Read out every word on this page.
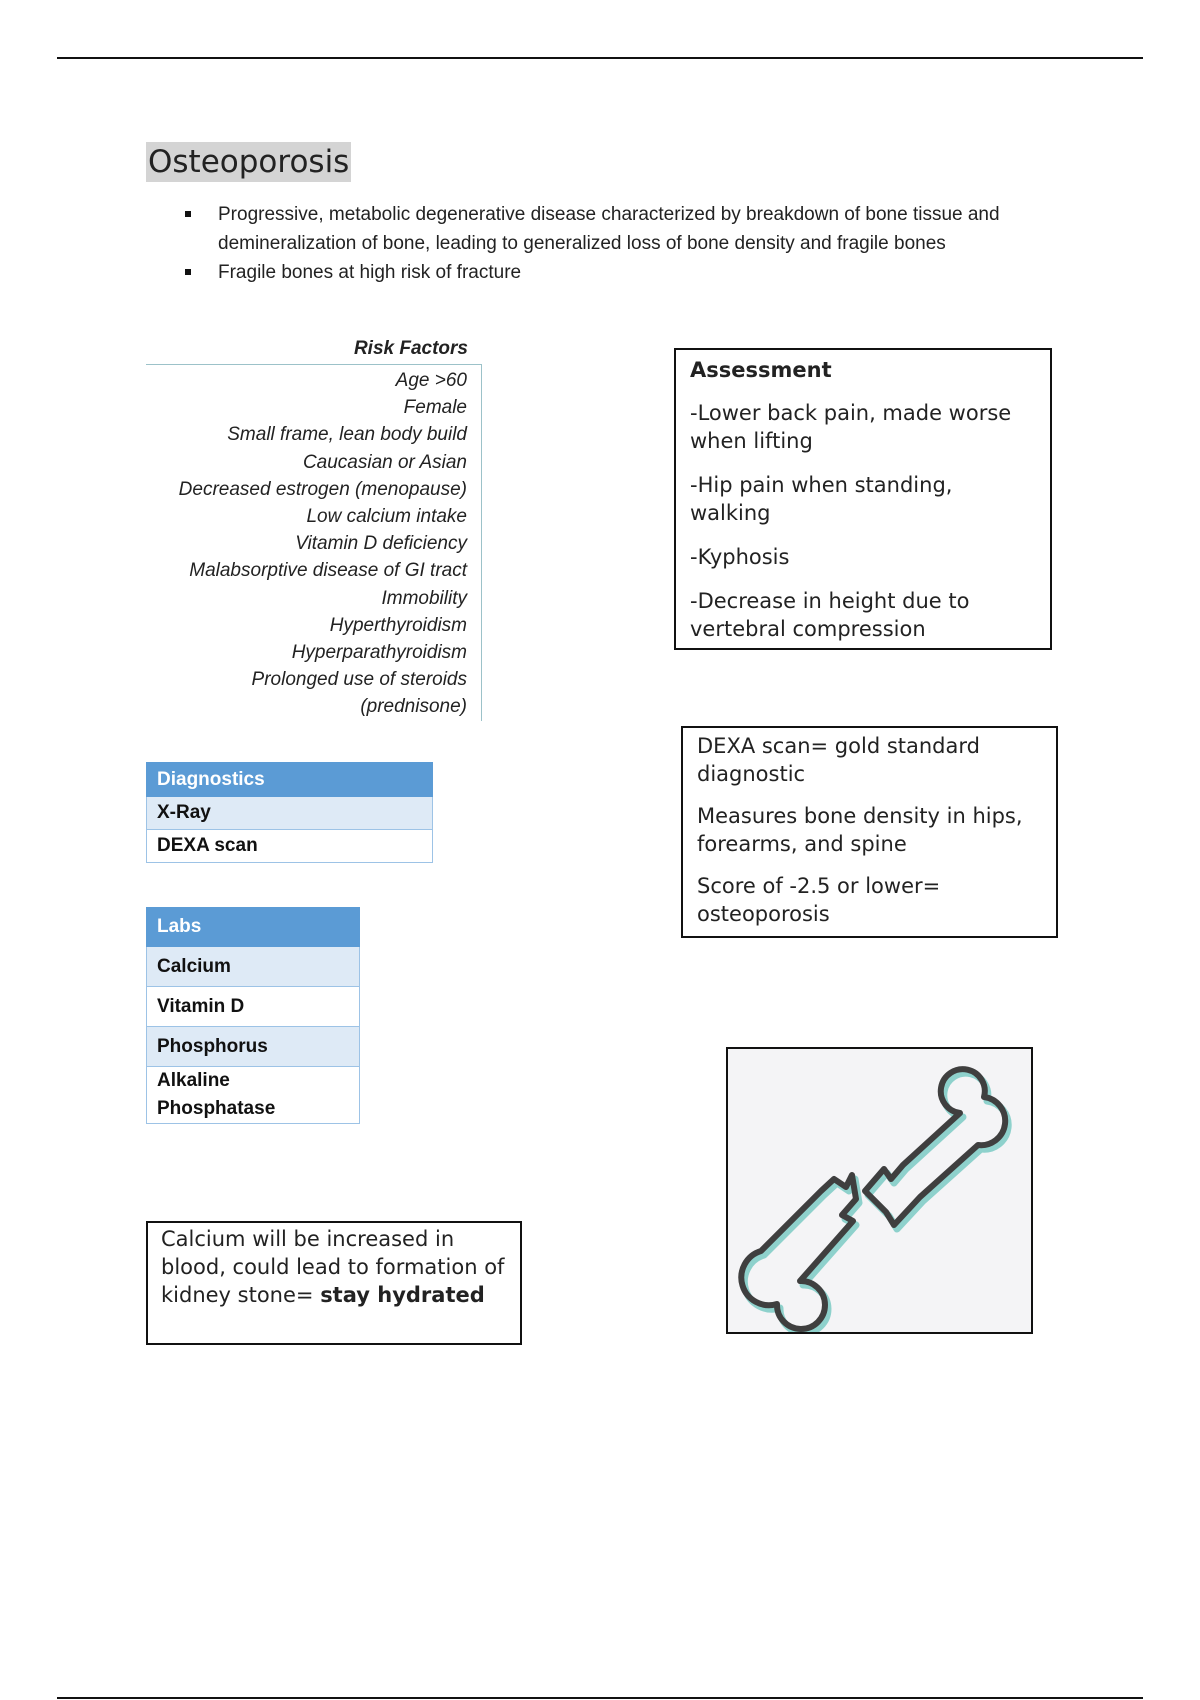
Osteoporosis
Progressive, metabolic degenerative disease characterized by breakdown of bone tissue and demineralization of bone, leading to generalized loss of bone density and fragile bones
Fragile bones at high risk of fracture
Risk Factors
Age >60
Female
Small frame, lean body build
Caucasian or Asian
Decreased estrogen (menopause)
Low calcium intake
Vitamin D deficiency
Malabsorptive disease of GI tract
Immobility
Hyperthyroidism
Hyperparathyroidism
Prolonged use of steroids
(prednisone)

Assessment

-Lower back pain, made worse when lifting

-Hip pain when standing, walking

-Kyphosis

-Decrease in height due to vertebral compression

Diagnostics
X-Ray
DEXA scan

DEXA scan= gold standard diagnostic

Measures bone density in hips, forearms, and spine

Score of -2.5 or lower= osteoporosis

Labs
Calcium
Vitamin D
Phosphorus
Alkaline Phosphatase
Calcium will be increased in blood, could lead to formation of kidney stone= stay hydrated
